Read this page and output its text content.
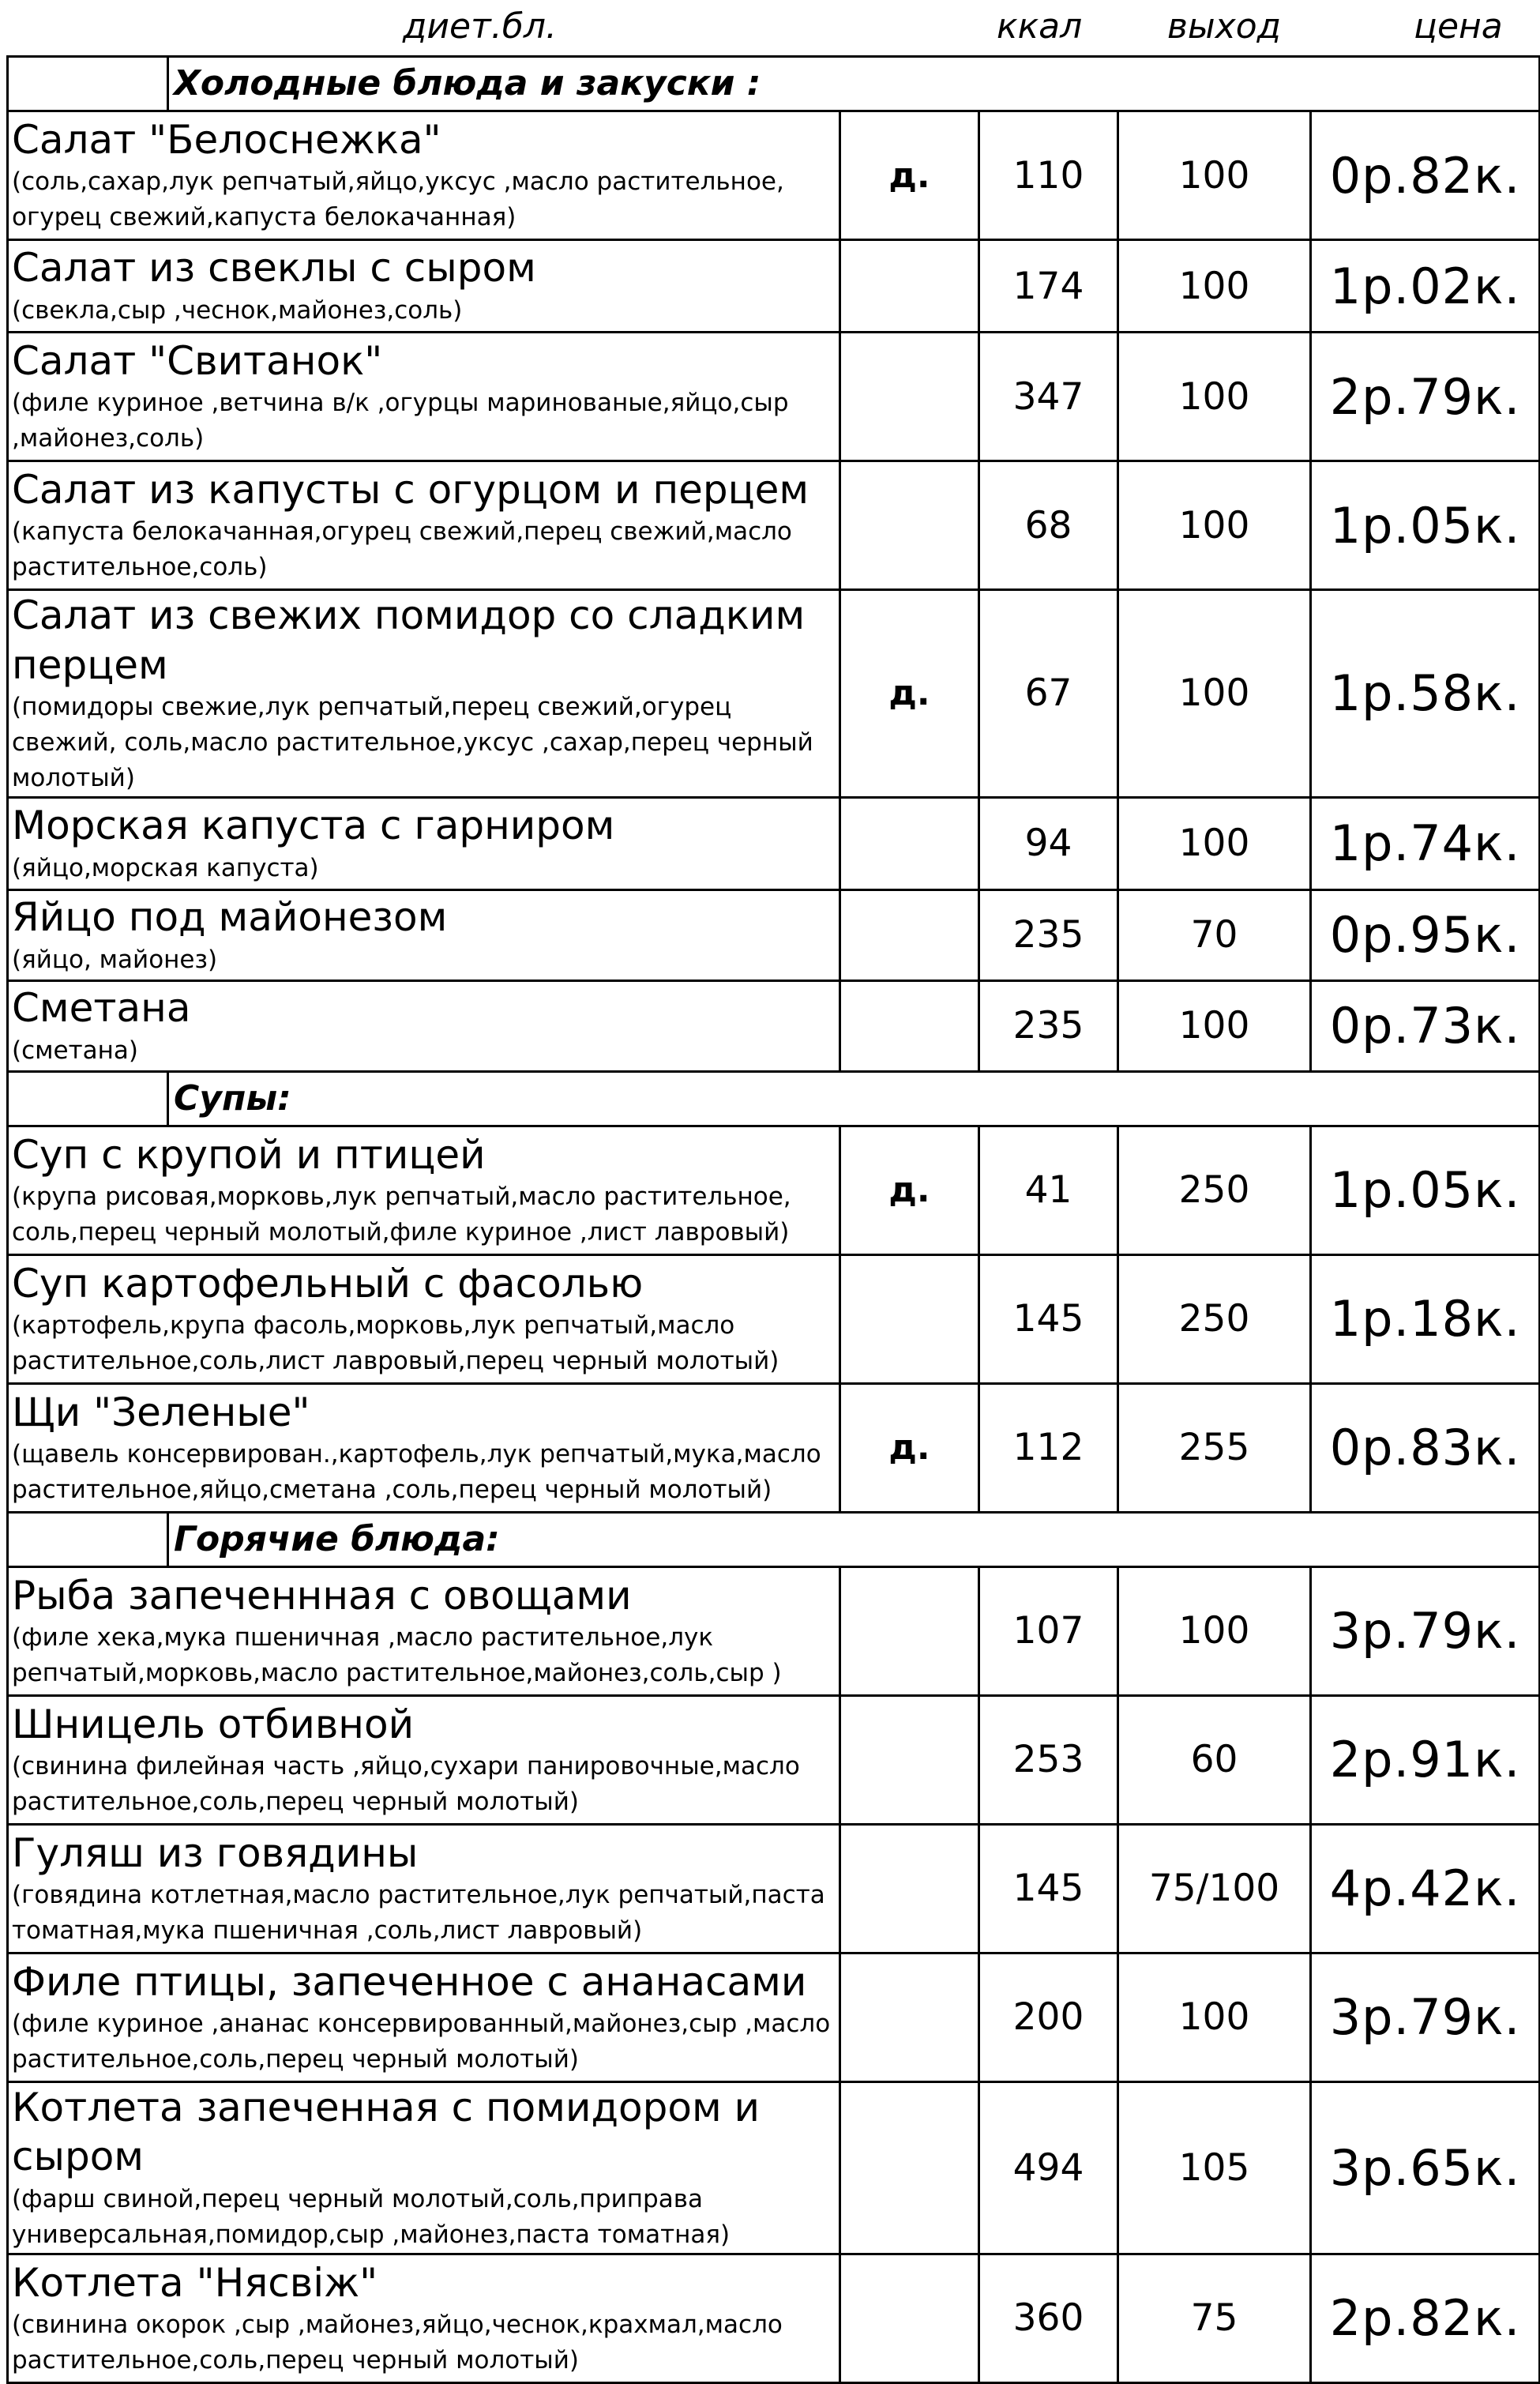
диет.бл.	ккал выход	цена
Холодные блюда и закуски :				

Салат "Белоснежка"
(соль,сахар,лук репчатый,яйцо,уксус ,масло растительное, огурец свежий,капуста белокачанная)	д.	110	100	0р.82к.

Салат из свеклы с сыром
(свекла,сыр ,чеснок,майонез,соль)		174	100	1р.02к.

Салат "Свитанок"
(филе куриное ,ветчина в/к ,огурцы маринованые,яйцо,сыр ,майонез,соль)		347	100	2р.79к.

Салат из капусты с огурцом и перцем
(капуста белокачанная,огурец свежий,перец свежий,масло растительное,соль)		68	100	1р.05к.

Салат из свежих помидор со сладким перцем
(помидоры свежие,лук репчатый,перец свежий,огурец свежий, соль,масло растительное,уксус ,сахар,перец черный молотый)	д.	67	100	1р.58к.

Морская капуста с гарниром
(яйцо,морская капуста)		94	100	1р.74к.

Яйцо под майонезом
(яйцо, майонез)		235	70	0р.95к.

Сметана
(сметана)		235	100	0р.73к.

Супы:				

Суп с крупой и птицей
(крупа рисовая,морковь,лук репчатый,масло растительное, соль,перец черный молотый,филе куриное ,лист лавровый)	д.	41	250	1р.05к.

Суп картофельный с фасолью
(картофель,крупа фасоль,морковь,лук репчатый,масло растительное,соль,лист лавровый,перец черный молотый)		145	250	1р.18к.

Щи "Зеленые"
(щавель консервирован.,картофель,лук репчатый,мука,масло растительное,яйцо,сметана ,соль,перец черный молотый)	д.	112	255	0р.83к.

Горячие блюда:				

Рыба запеченнная с овощами
(филе хека,мука пшеничная ,масло растительное,лук репчатый,морковь,масло растительное,майонез,соль,сыр )		107	100	3р.79к.

Шницель отбивной
(свинина филейная часть ,яйцо,сухари панировочные,масло растительное,соль,перец черный молотый)		253	60	2р.91к.

Гуляш из говядины
(говядина котлетная,масло растительное,лук репчатый,паста томатная,мука пшеничная ,соль,лист лавровый)		145	75/100	4р.42к.

Филе птицы, запеченное с ананасами
(филе куриное ,ананас консервированный,майонез,сыр ,масло растительное,соль,перец черный молотый)		200	100	3р.79к.

Котлета запеченная с помидором и сыром
(фарш свиной,перец черный молотый,соль,приправа универсальная,помидор,сыр ,майонез,паста томатная)		494	105	3р.65к.

Котлета "Нясвіж"
(свинина окорок ,сыр ,майонез,яйцо,чеснок,крахмал,масло растительное,соль,перец черный молотый)		360	75	2р.82к.
